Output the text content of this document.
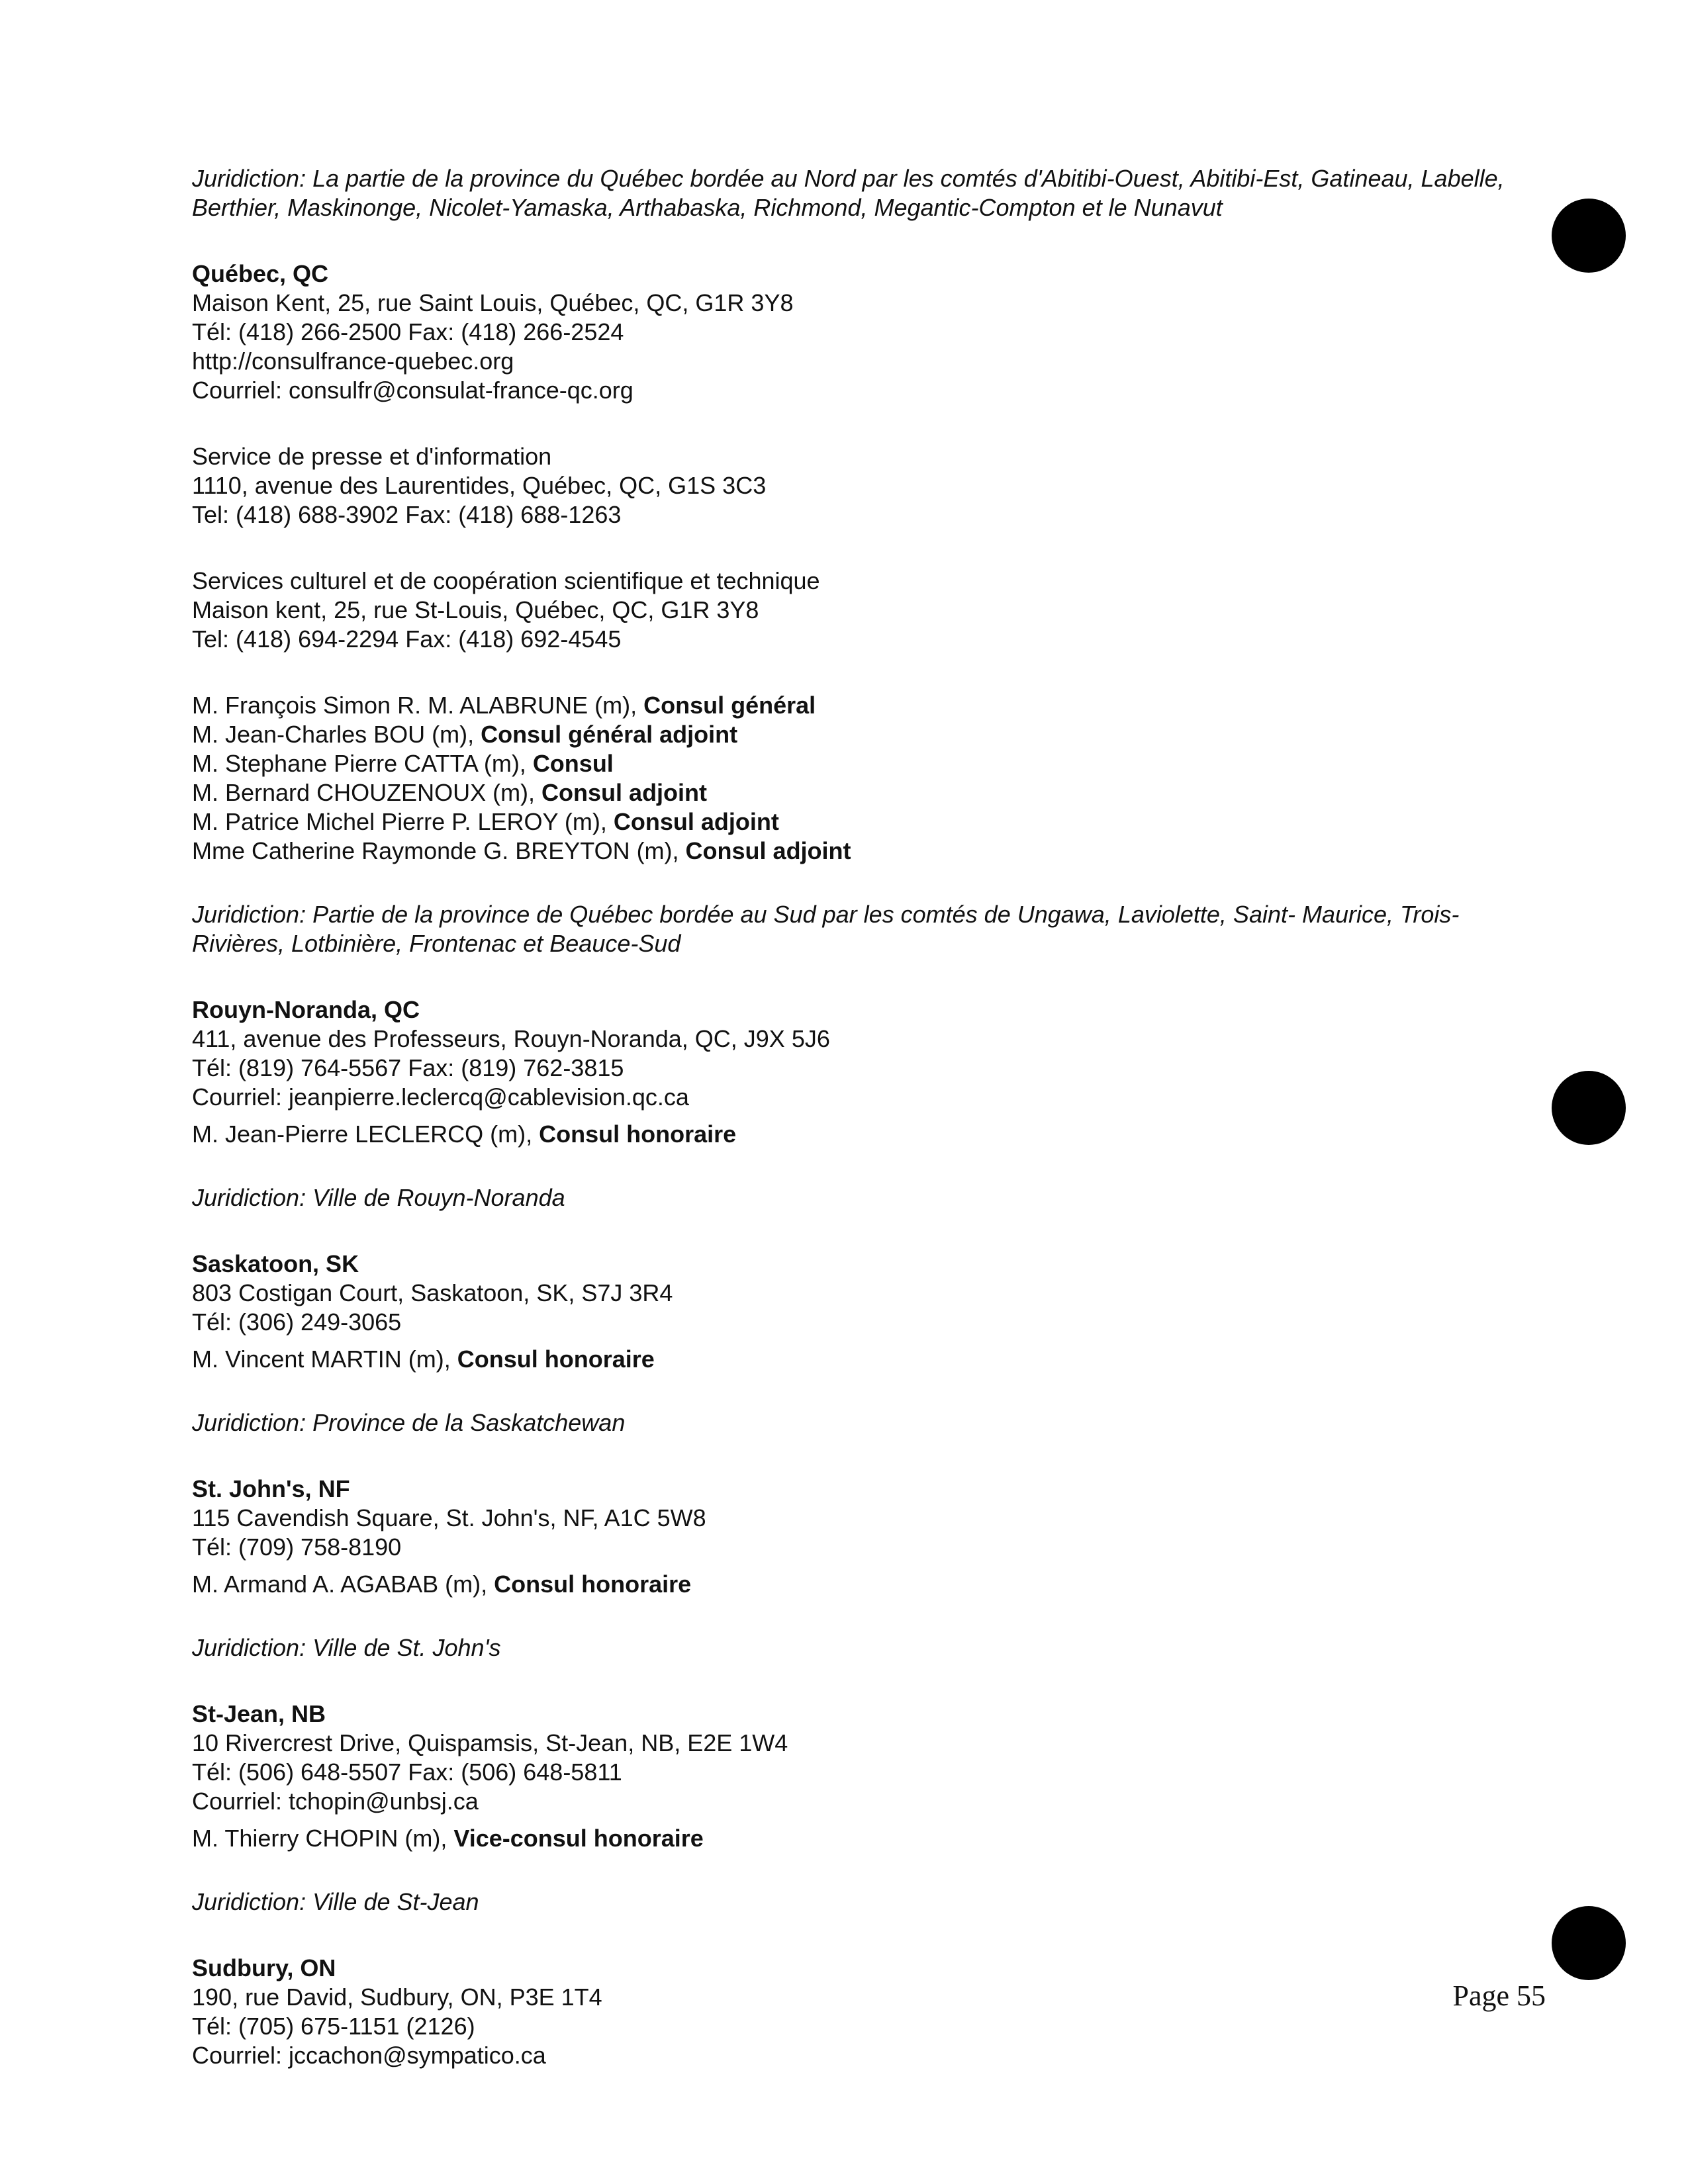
Juridiction: La partie de la province du Québec bordée au Nord par les comtés d'Abitibi-Ouest, Abitibi-Est, Gatineau, Labelle, Berthier, Maskinonge, Nicolet-Yamaska, Arthabaska, Richmond, Megantic-Compton et le Nunavut
Québec, QC
Maison Kent, 25, rue Saint Louis, Québec, QC, G1R 3Y8
Tél: (418) 266-2500 Fax: (418) 266-2524
http://consulfrance-quebec.org
Courriel: consulfr@consulat-france-qc.org
Service de presse et d'information
1110, avenue des Laurentides, Québec, QC, G1S 3C3
Tel: (418) 688-3902 Fax: (418) 688-1263
Services culturel et de coopération scientifique et technique
Maison kent, 25, rue St-Louis, Québec, QC, G1R 3Y8
Tel: (418) 694-2294 Fax: (418) 692-4545
M. François Simon R. M. ALABRUNE (m), Consul général
M. Jean-Charles BOU (m), Consul général adjoint
M. Stephane Pierre CATTA (m), Consul
M. Bernard CHOUZENOUX (m), Consul adjoint
M. Patrice Michel Pierre P. LEROY (m), Consul adjoint
Mme Catherine Raymonde G. BREYTON (m), Consul adjoint
Juridiction: Partie de la province de Québec bordée au Sud par les comtés de Ungawa, Laviolette, Saint- Maurice, Trois-Rivières, Lotbinière, Frontenac et Beauce-Sud
Rouyn-Noranda, QC
411, avenue des Professeurs, Rouyn-Noranda, QC, J9X 5J6
Tél: (819) 764-5567 Fax: (819) 762-3815
Courriel: jeanpierre.leclercq@cablevision.qc.ca
M. Jean-Pierre LECLERCQ (m), Consul honoraire
Juridiction: Ville de Rouyn-Noranda
Saskatoon, SK
803 Costigan Court, Saskatoon, SK, S7J 3R4
Tél: (306) 249-3065
M. Vincent MARTIN (m), Consul honoraire
Juridiction: Province de la Saskatchewan
St. John's, NF
115 Cavendish Square, St. John's, NF, A1C 5W8
Tél: (709) 758-8190
M. Armand A. AGABAB (m), Consul honoraire
Juridiction: Ville de St. John's
St-Jean, NB
10 Rivercrest Drive, Quispamsis, St-Jean, NB, E2E 1W4
Tél: (506) 648-5507 Fax: (506) 648-5811
Courriel: tchopin@unbsj.ca
M. Thierry CHOPIN (m), Vice-consul honoraire
Juridiction: Ville de St-Jean
Sudbury, ON
190, rue David, Sudbury, ON, P3E 1T4
Tél: (705) 675-1151 (2126)
Courriel: jccachon@sympatico.ca
Page 55
